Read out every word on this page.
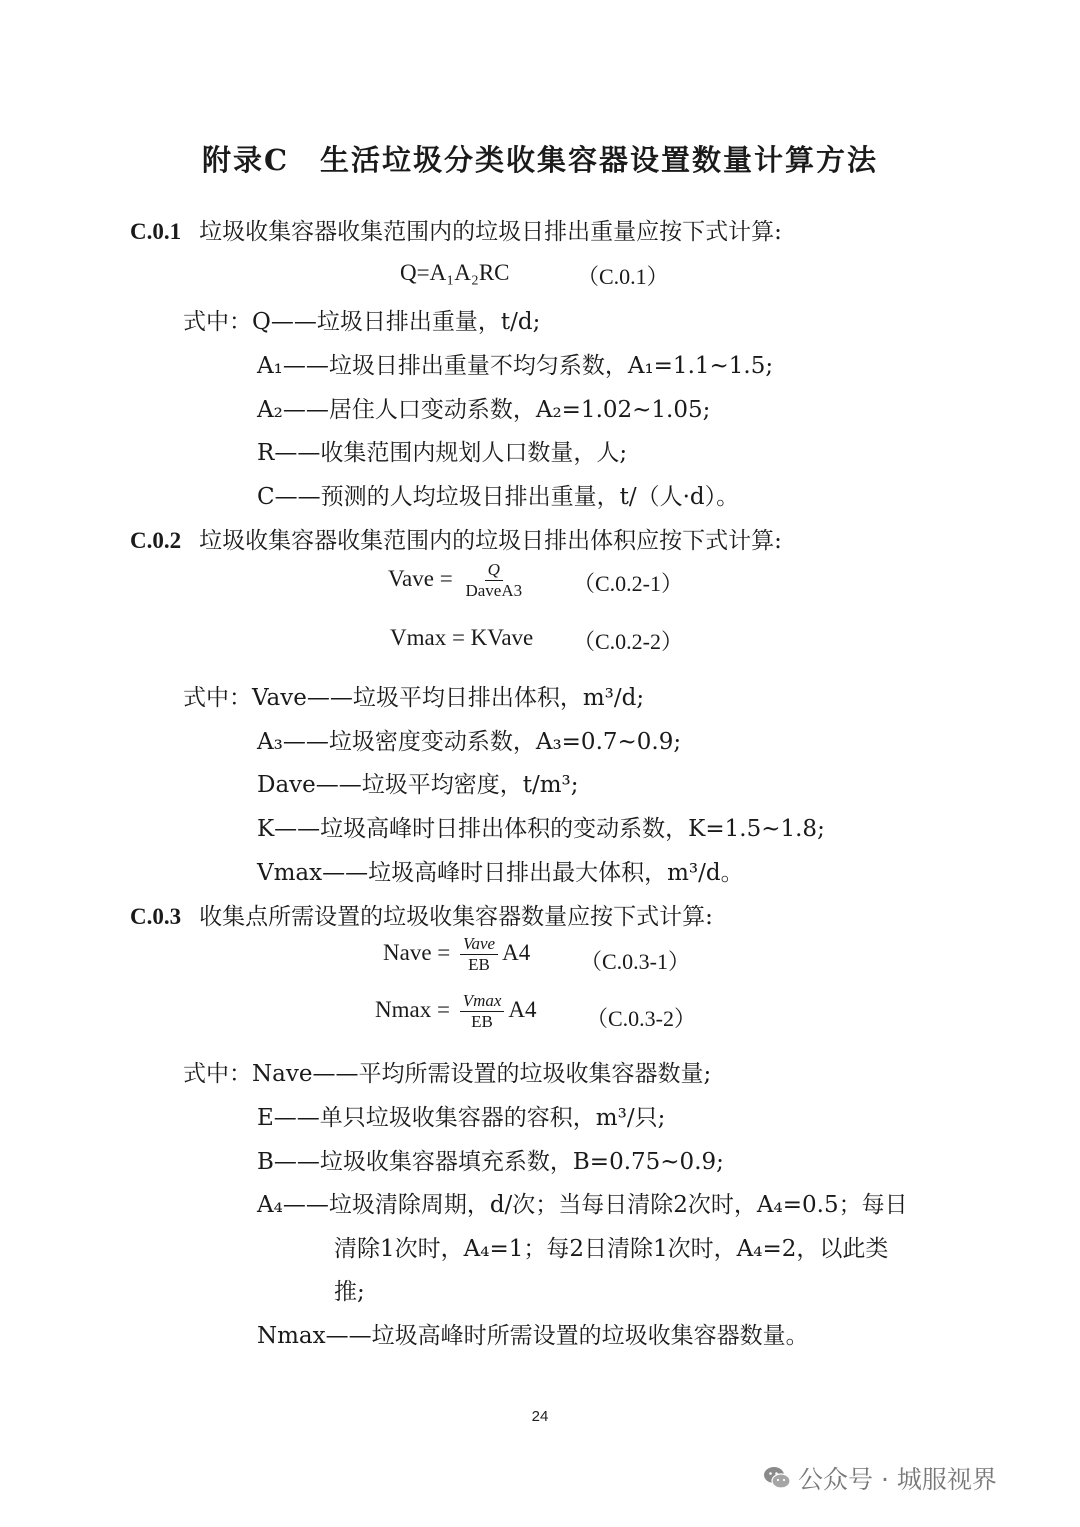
附录C　生活垃圾分类收集容器设置数量计算方法
C.0.1 垃圾收集容器收集范围内的垃圾日排出重量应按下式计算:
Q=A₁A₂RC	（C.0.1）
式中：Q——垃圾日排出重量，t/d;
A₁——垃圾日排出重量不均匀系数，A₁=1.1~1.5;
A₂——居住人口变动系数，A₂=1.02~1.05;
R——收集范围内规划人口数量，人;
C——预测的人均垃圾日排出重量，t/（人·d）。
C.0.2 垃圾收集容器收集范围内的垃圾日排出体积应按下式计算:
Vave = $\frac{Q}{\text{DaveA3}} (C.0.2-1)$
Vmax = KVave （C.0.2-2）
式中：Vave——垃圾平均日排出体积，m³/d;
A₃——垃圾密度变动系数，A₃=0.7~0.9;
Dave——垃圾平均密度，t/m³;
K——垃圾高峰时日排出体积的变动系数，K=1.5~1.8;
Vmax——垃圾高峰时日排出最大体积，m³/d。
C.0.3 收集点所需设置的垃圾收集容器数量应按下式计算:
Nave = $\frac{\text{Vave}}{EB} A4$ （C.0.3-1）
$Nmax = \frac{Vmax}{EB} A4$ （C.0.3-2）
式中：Nave——平均所需设置的垃圾收集容器数量;
E——单只垃圾收集容器的容积，m³/只;
B——垃圾收集容器填充系数，B=0.75~0.9;
A₄——垃圾清除周期，d/次；当每日清除2次时，A₄=0.5；每日
清除1次时，A₄=1；每2日清除1次时，A₄=2，以此类
推;
Nmax——垃圾高峰时所需设置的垃圾收集容器数量。
24
公众号 · 城服视界
